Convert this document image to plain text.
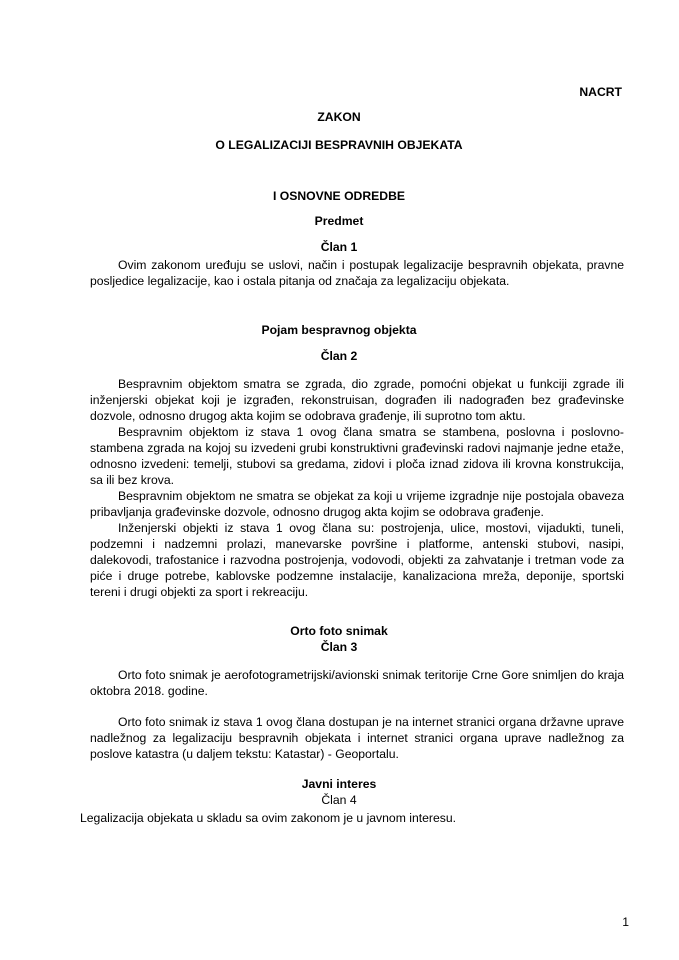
NACRT

ZAKON

O LEGALIZACIJI BESPRAVNIH OBJEKATA

I OSNOVNE ODREDBE

Predmet

Član 1

Ovim zakonom uređuju se uslovi, način i postupak legalizacije bespravnih objekata, pravne posljedice legalizacije, kao i ostala pitanja od značaja za legalizaciju objekata.

Pojam bespravnog objekta

Član 2

Bespravnim objektom smatra se zgrada, dio zgrade, pomoćni objekat u funkciji zgrade ili inženjerski objekat koji je izgrađen, rekonstruisan, dograđen ili nadograđen bez građevinske dozvole, odnosno drugog akta kojim se odobrava građenje, ili suprotno tom aktu.

Bespravnim objektom iz stava 1 ovog člana smatra se stambena, poslovna i poslovno-stambena zgrada na kojoj su izvedeni grubi konstruktivni građevinski radovi najmanje jedne etaže, odnosno izvedeni: temelji, stubovi sa gredama, zidovi i ploča iznad zidova ili krovna konstrukcija, sa ili bez krova.

Bespravnim objektom ne smatra se objekat za koji u vrijeme izgradnje nije postojala obaveza pribavljanja građevinske dozvole, odnosno drugog akta kojim se odobrava građenje.

Inženjerski objekti iz stava 1 ovog člana su: postrojenja, ulice, mostovi, vijadukti, tuneli, podzemni i nadzemni prolazi, manevarske površine i platforme, antenski stubovi, nasipi, dalekovodi, trafostanice i razvodna postrojenja, vodovodi, objekti za zahvatanje i tretman vode za piće i druge potrebe, kablovske podzemne instalacije, kanalizaciona mreža, deponije, sportski tereni i drugi objekti za sport i rekreaciju.

Orto foto snimak

Član 3

Orto foto snimak je aerofotogrametrijski/avionski snimak teritorije Crne Gore snimljen do kraja oktobra 2018. godine.

Orto foto snimak iz stava 1 ovog člana dostupan je na internet stranici organa državne uprave nadležnog za legalizaciju bespravnih objekata i internet stranici organa uprave nadležnog za poslove katastra (u daljem tekstu: Katastar) - Geoportalu.

Javni interes

Član 4

Legalizacija objekata u skladu sa ovim zakonom je u javnom interesu.

1
